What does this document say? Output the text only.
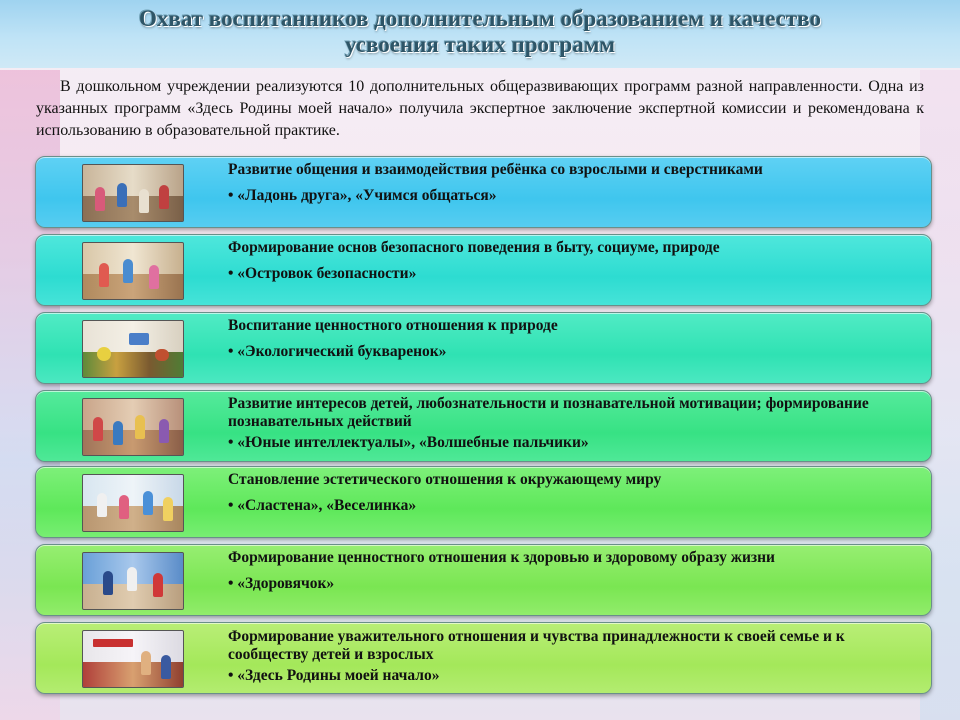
Охват воспитанников дополнительным образованием и качество
усвоения таких программ
В дошкольном учреждении реализуются 10 дополнительных общеразвивающих программ разной направленности. Одна из указанных программ «Здесь Родины моей начало» получила экспертное заключение экспертной комиссии и рекомендована к использованию в образовательной практике.
Развитие общения и взаимодействия ребёнка со взрослыми и сверстниками
• «Ладонь друга», «Учимся общаться»
Формирование основ безопасного поведения в быту, социуме, природе
• «Островок безопасности»
Воспитание ценностного отношения к природе
• «Экологический букваренок»
Развитие интересов детей, любознательности и познавательной мотивации; формирование познавательных действий
• «Юные интеллектуалы», «Волшебные пальчики»
Становление эстетического отношения к окружающему миру
• «Сластена», «Веселинка»
Формирование ценностного отношения к здоровью и здоровому образу жизни
• «Здоровячок»
Формирование уважительного отношения и чувства принадлежности к своей семье и к сообществу детей и взрослых
• «Здесь Родины моей начало»
